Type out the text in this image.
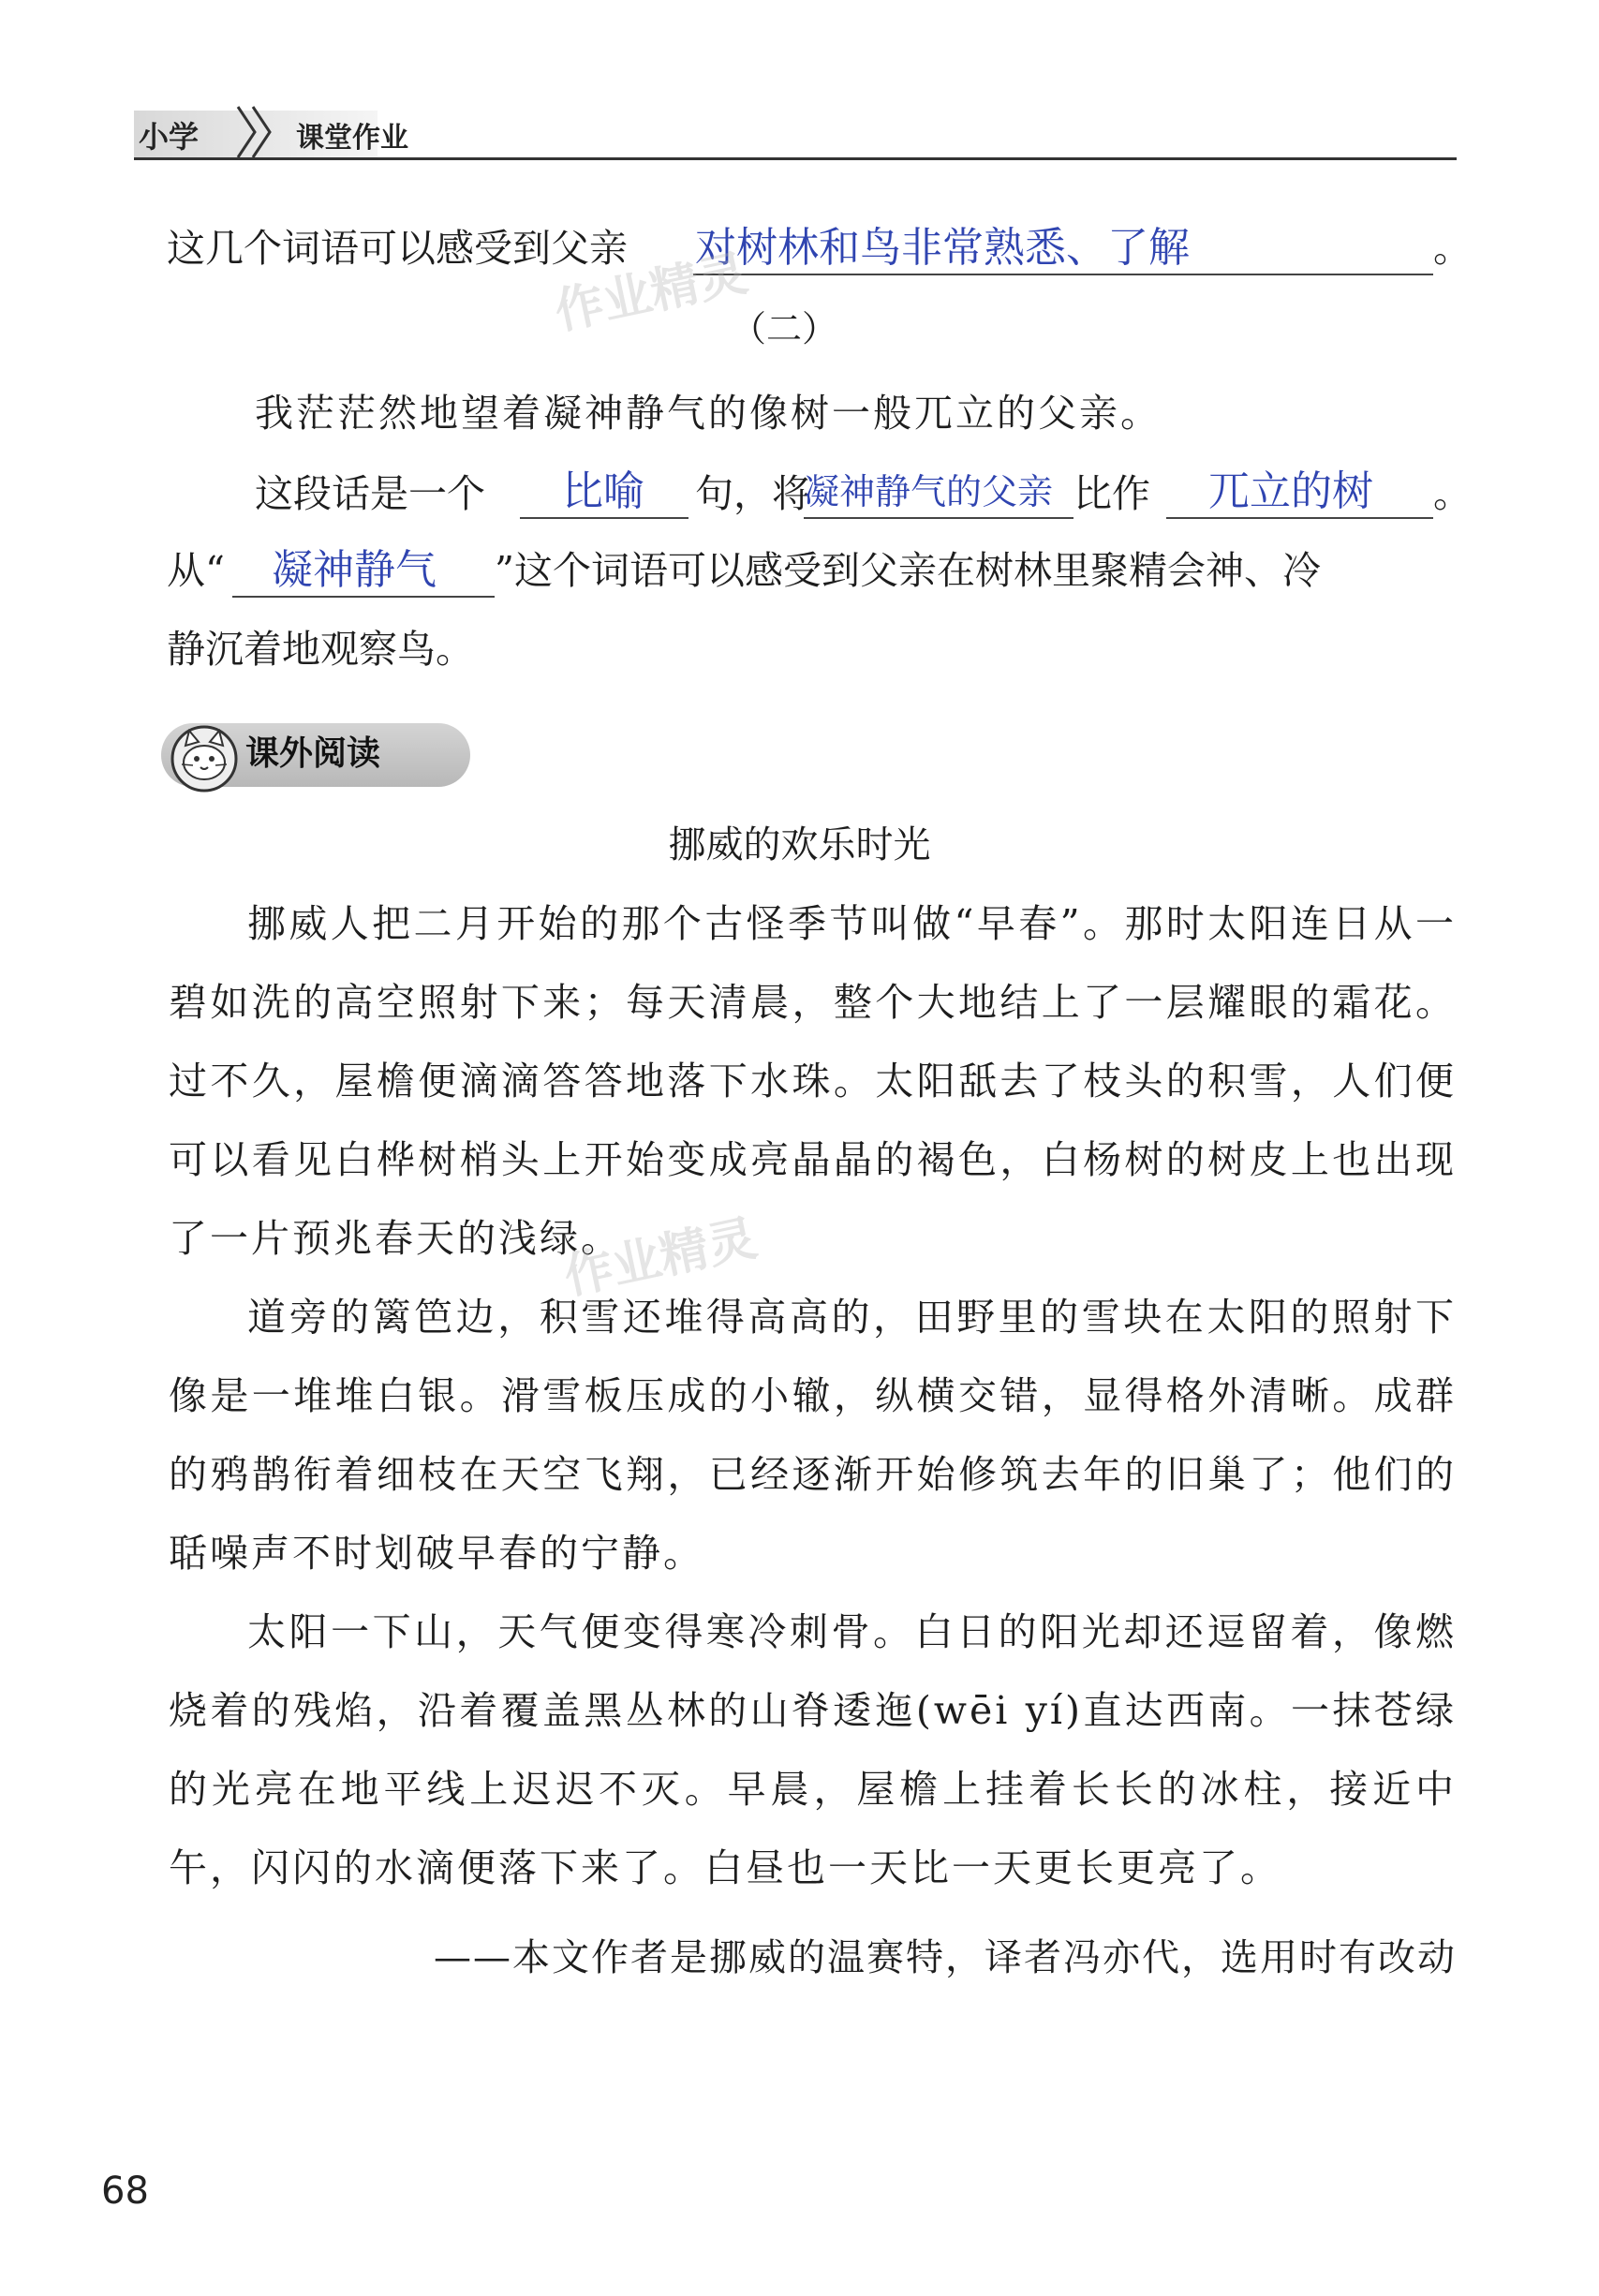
小学	课堂作业
这几个词语可以感受到父亲 对树林和鸟非常熟悉、了解	。
作业精灵
（二）
我茫茫然地望着凝神静气的像树一般兀立的父亲。
这段话是一个 比喻 句，将
凝神静气的父亲 比作 兀立的树 。
从“ 凝神静气 ”这个词语可以感受到父亲在树林里聚精会神、冷
静沉着地观察鸟。
课外阅读
挪威的欢乐时光

挪威人把二月开始的那个古怪季节叫做“早春”。那时太阳连日从一碧如洗的高空照射下来；每天清晨，整个大地结上了一层耀眼的霜花。过不久，屋檐便滴滴答答地落下水珠。太阳舐去了枝头的积雪，人们便可以看见白桦树梢头上开始变成亮晶晶的褐色，白杨树的树皮上也出现了一片预兆春天的浅绿。

道旁的篱笆边，积雪还堆得高高的，田野里的雪块在太阳的照射下像是一堆堆白银。滑雪板压成的小辙，纵横交错，显得格外清晰。成群的鸦鹊衔着细枝在天空飞翔，已经逐渐开始修筑去年的旧巢了；他们的聒噪声不时划破早春的宁静。

太阳一下山，天气便变得寒冷刺骨。白日的阳光却还逗留着，像燃烧着的残焰，沿着覆盖黑丛林的山脊逶迤(wēi yí)直达西南。一抹苍绿的光亮在地平线上迟迟不灭。早晨，屋檐上挂着长长的冰柱，接近中午，闪闪的水滴便落下来了。白昼也一天比一天更长更亮了。

——本文作者是挪威的温赛特，译者冯亦代，选用时有改动
作业精灵
68
